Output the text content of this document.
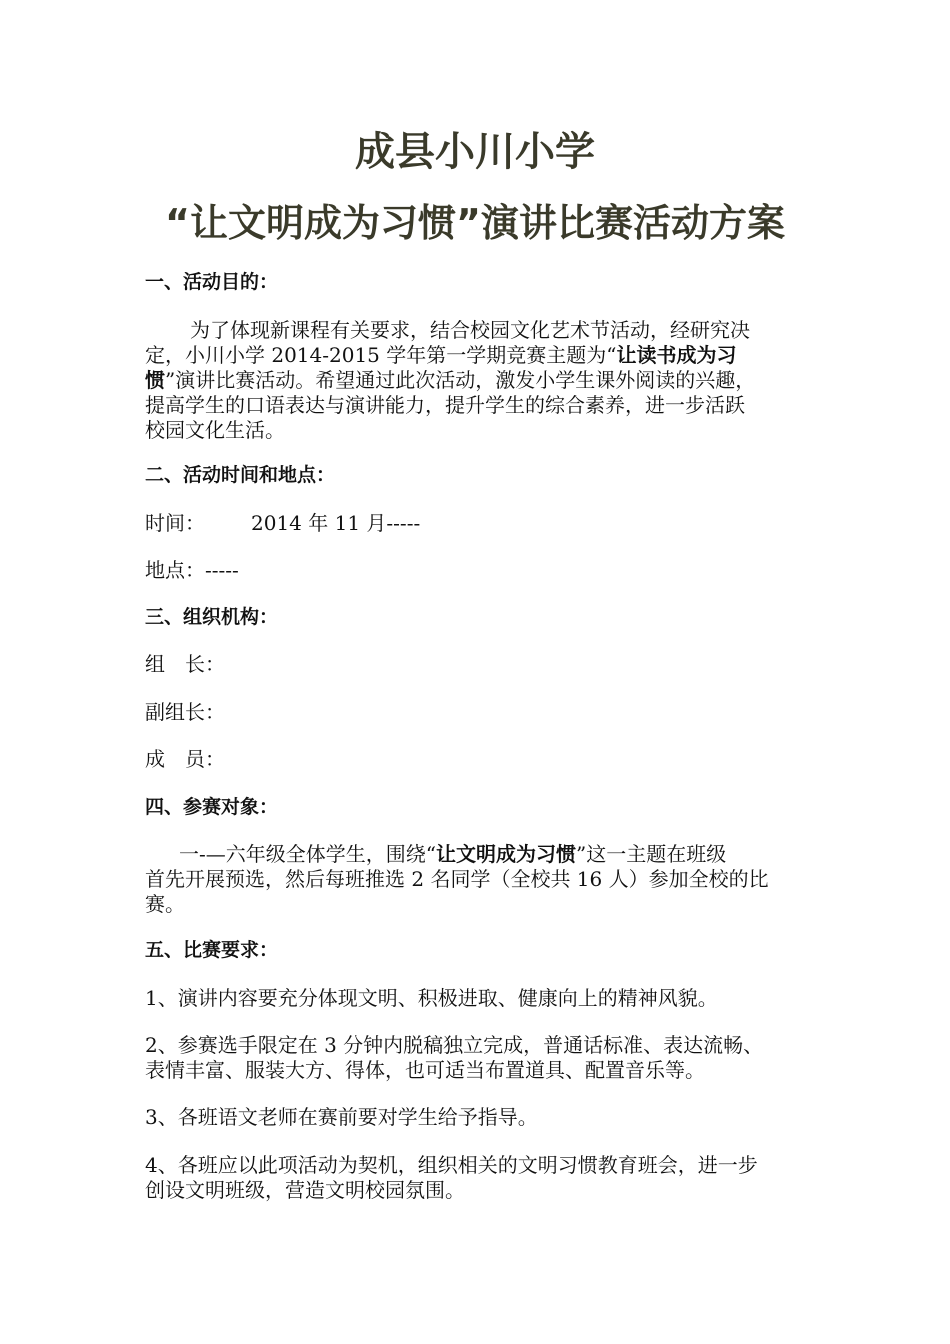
成县小川小学
“让文明成为习惯”演讲比赛活动方案
一、活动目的：
为了体现新课程有关要求，结合校园文化艺术节活动，经研究决
定，小川小学 2014-2015 学年第一学期竞赛主题为“让读书成为习
惯”演讲比赛活动。希望通过此次活动，激发小学生课外阅读的兴趣，
提高学生的口语表达与演讲能力，提升学生的综合素养，进一步活跃
校园文化生活。
二、活动时间和地点：
时间： 2014 年 11 月-----
地点：-----
三、组织机构：
组　长：
副组长：
成　员：
四、参赛对象：
一-—六年级全体学生，围绕“让文明成为习惯”这一主题在班级
首先开展预选，然后每班推选 2 名同学（全校共 16 人）参加全校的比
赛。
五、比赛要求：
1、演讲内容要充分体现文明、积极进取、健康向上的精神风貌。
2、参赛选手限定在 3 分钟内脱稿独立完成，普通话标准、表达流畅、
表情丰富、服装大方、得体，也可适当布置道具、配置音乐等。
3、各班语文老师在赛前要对学生给予指导。
4、各班应以此项活动为契机，组织相关的文明习惯教育班会，进一步
创设文明班级，营造文明校园氛围。
